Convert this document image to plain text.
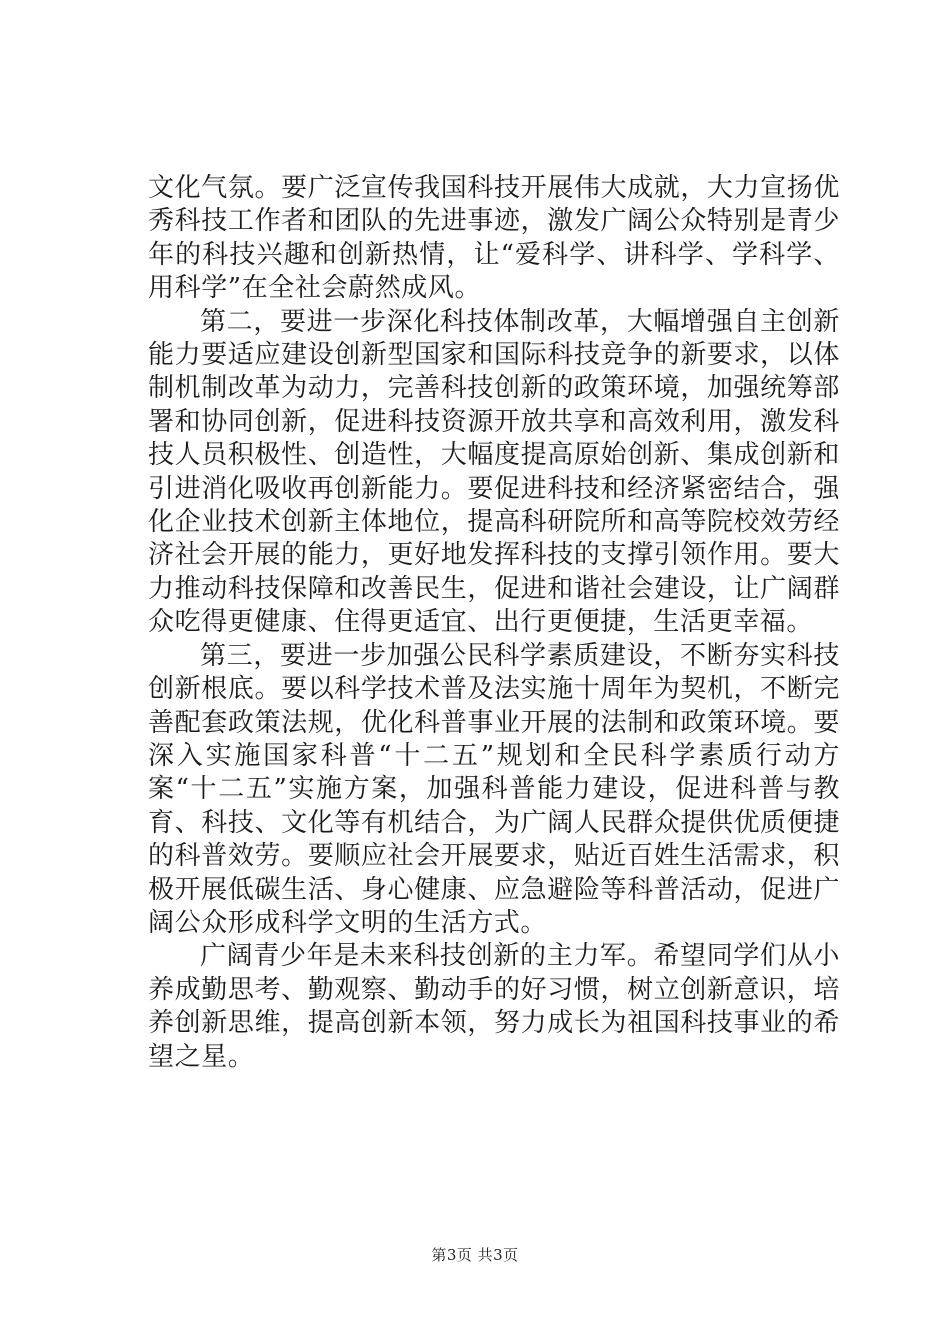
文化气氛。要广泛宣传我国科技开展伟大成就，大力宣扬优秀科技工作者和团队的先进事迹，激发广阔公众特别是青少年的科技兴趣和创新热情，让“爱科学、讲科学、学科学、用科学”在全社会蔚然成风。

第二，要进一步深化科技体制改革，大幅增强自主创新能力要适应建设创新型国家和国际科技竞争的新要求，以体制机制改革为动力，完善科技创新的政策环境，加强统筹部署和协同创新，促进科技资源开放共享和高效利用，激发科技人员积极性、创造性，大幅度提高原始创新、集成创新和引进消化吸收再创新能力。要促进科技和经济紧密结合，强化企业技术创新主体地位，提高科研院所和高等院校效劳经济社会开展的能力，更好地发挥科技的支撑引领作用。要大力推动科技保障和改善民生，促进和谐社会建设，让广阔群众吃得更健康、住得更适宜、出行更便捷，生活更幸福。

第三，要进一步加强公民科学素质建设，不断夯实科技创新根底。要以科学技术普及法实施十周年为契机，不断完善配套政策法规，优化科普事业开展的法制和政策环境。要深入实施国家科普“十二五”规划和全民科学素质行动方案“十二五”实施方案，加强科普能力建设，促进科普与教育、科技、文化等有机结合，为广阔人民群众提供优质便捷的科普效劳。要顺应社会开展要求，贴近百姓生活需求，积极开展低碳生活、身心健康、应急避险等科普活动，促进广阔公众形成科学文明的生活方式。

广阔青少年是未来科技创新的主力军。希望同学们从小养成勤思考、勤观察、勤动手的好习惯，树立创新意识，培养创新思维，提高创新本领，努力成长为祖国科技事业的希望之星。

第3页 共3页
